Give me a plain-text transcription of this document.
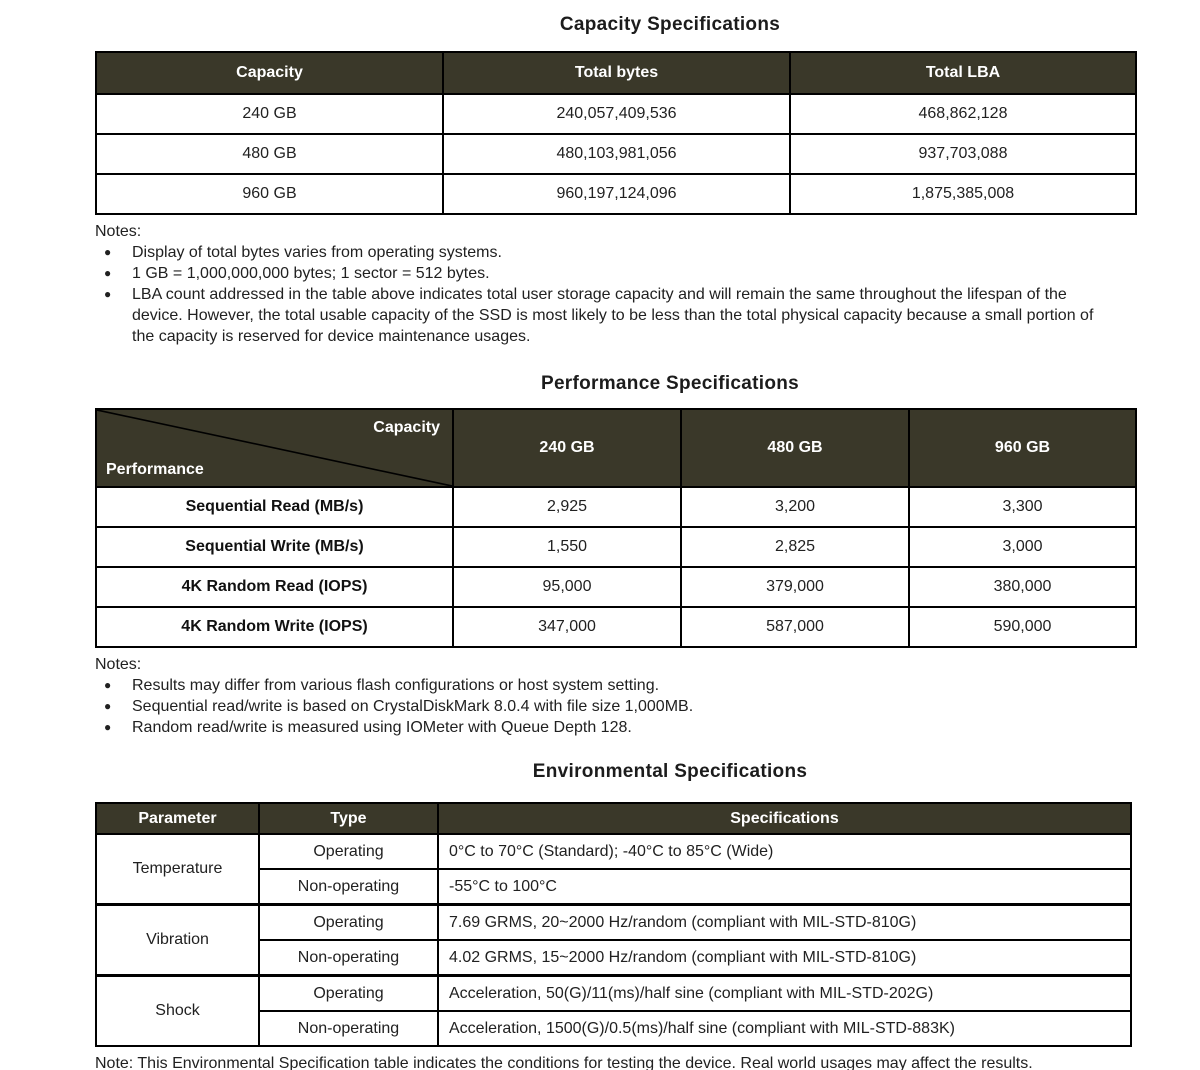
Capacity Specifications
Capacity	Total bytes	Total LBA
240 GB	240,057,409,536	468,862,128
480 GB	480,103,981,056	937,703,088
960 GB	960,197,124,096	1,875,385,008
Notes:
●	Display of total bytes varies from operating systems.
●	1 GB = 1,000,000,000 bytes; 1 sector = 512 bytes.
●	LBA count addressed in the table above indicates total user storage capacity and will remain the same throughout the lifespan of the device. However, the total usable capacity of the SSD is most likely to be less than the total physical capacity because a small portion of the capacity is reserved for device maintenance usages.
Performance Specifications
Capacity
Performance	240 GB	480 GB	960 GB
Sequential Read (MB/s)	2,925	3,200	3,300
Sequential Write (MB/s)	1,550	2,825	3,000
4K Random Read (IOPS)	95,000	379,000	380,000
4K Random Write (IOPS)	347,000	587,000	590,000
Notes:
●	Results may differ from various flash configurations or host system setting.
●	Sequential read/write is based on CrystalDiskMark 8.0.4 with file size 1,000MB.
●	Random read/write is measured using IOMeter with Queue Depth 128.
Environmental Specifications
Parameter	Type	Specifications
Temperature	Operating	0°C to 70°C (Standard); -40°C to 85°C (Wide)
	Non-operating	-55°C to 100°C
Vibration	Operating	7.69 GRMS, 20~2000 Hz/random (compliant with MIL-STD-810G)
	Non-operating	4.02 GRMS, 15~2000 Hz/random (compliant with MIL-STD-810G)
Shock	Operating	Acceleration, 50(G)/11(ms)/half sine (compliant with MIL-STD-202G)
	Non-operating	Acceleration, 1500(G)/0.5(ms)/half sine (compliant with MIL-STD-883K)
Note: This Environmental Specification table indicates the conditions for testing the device. Real world usages may affect the results.
